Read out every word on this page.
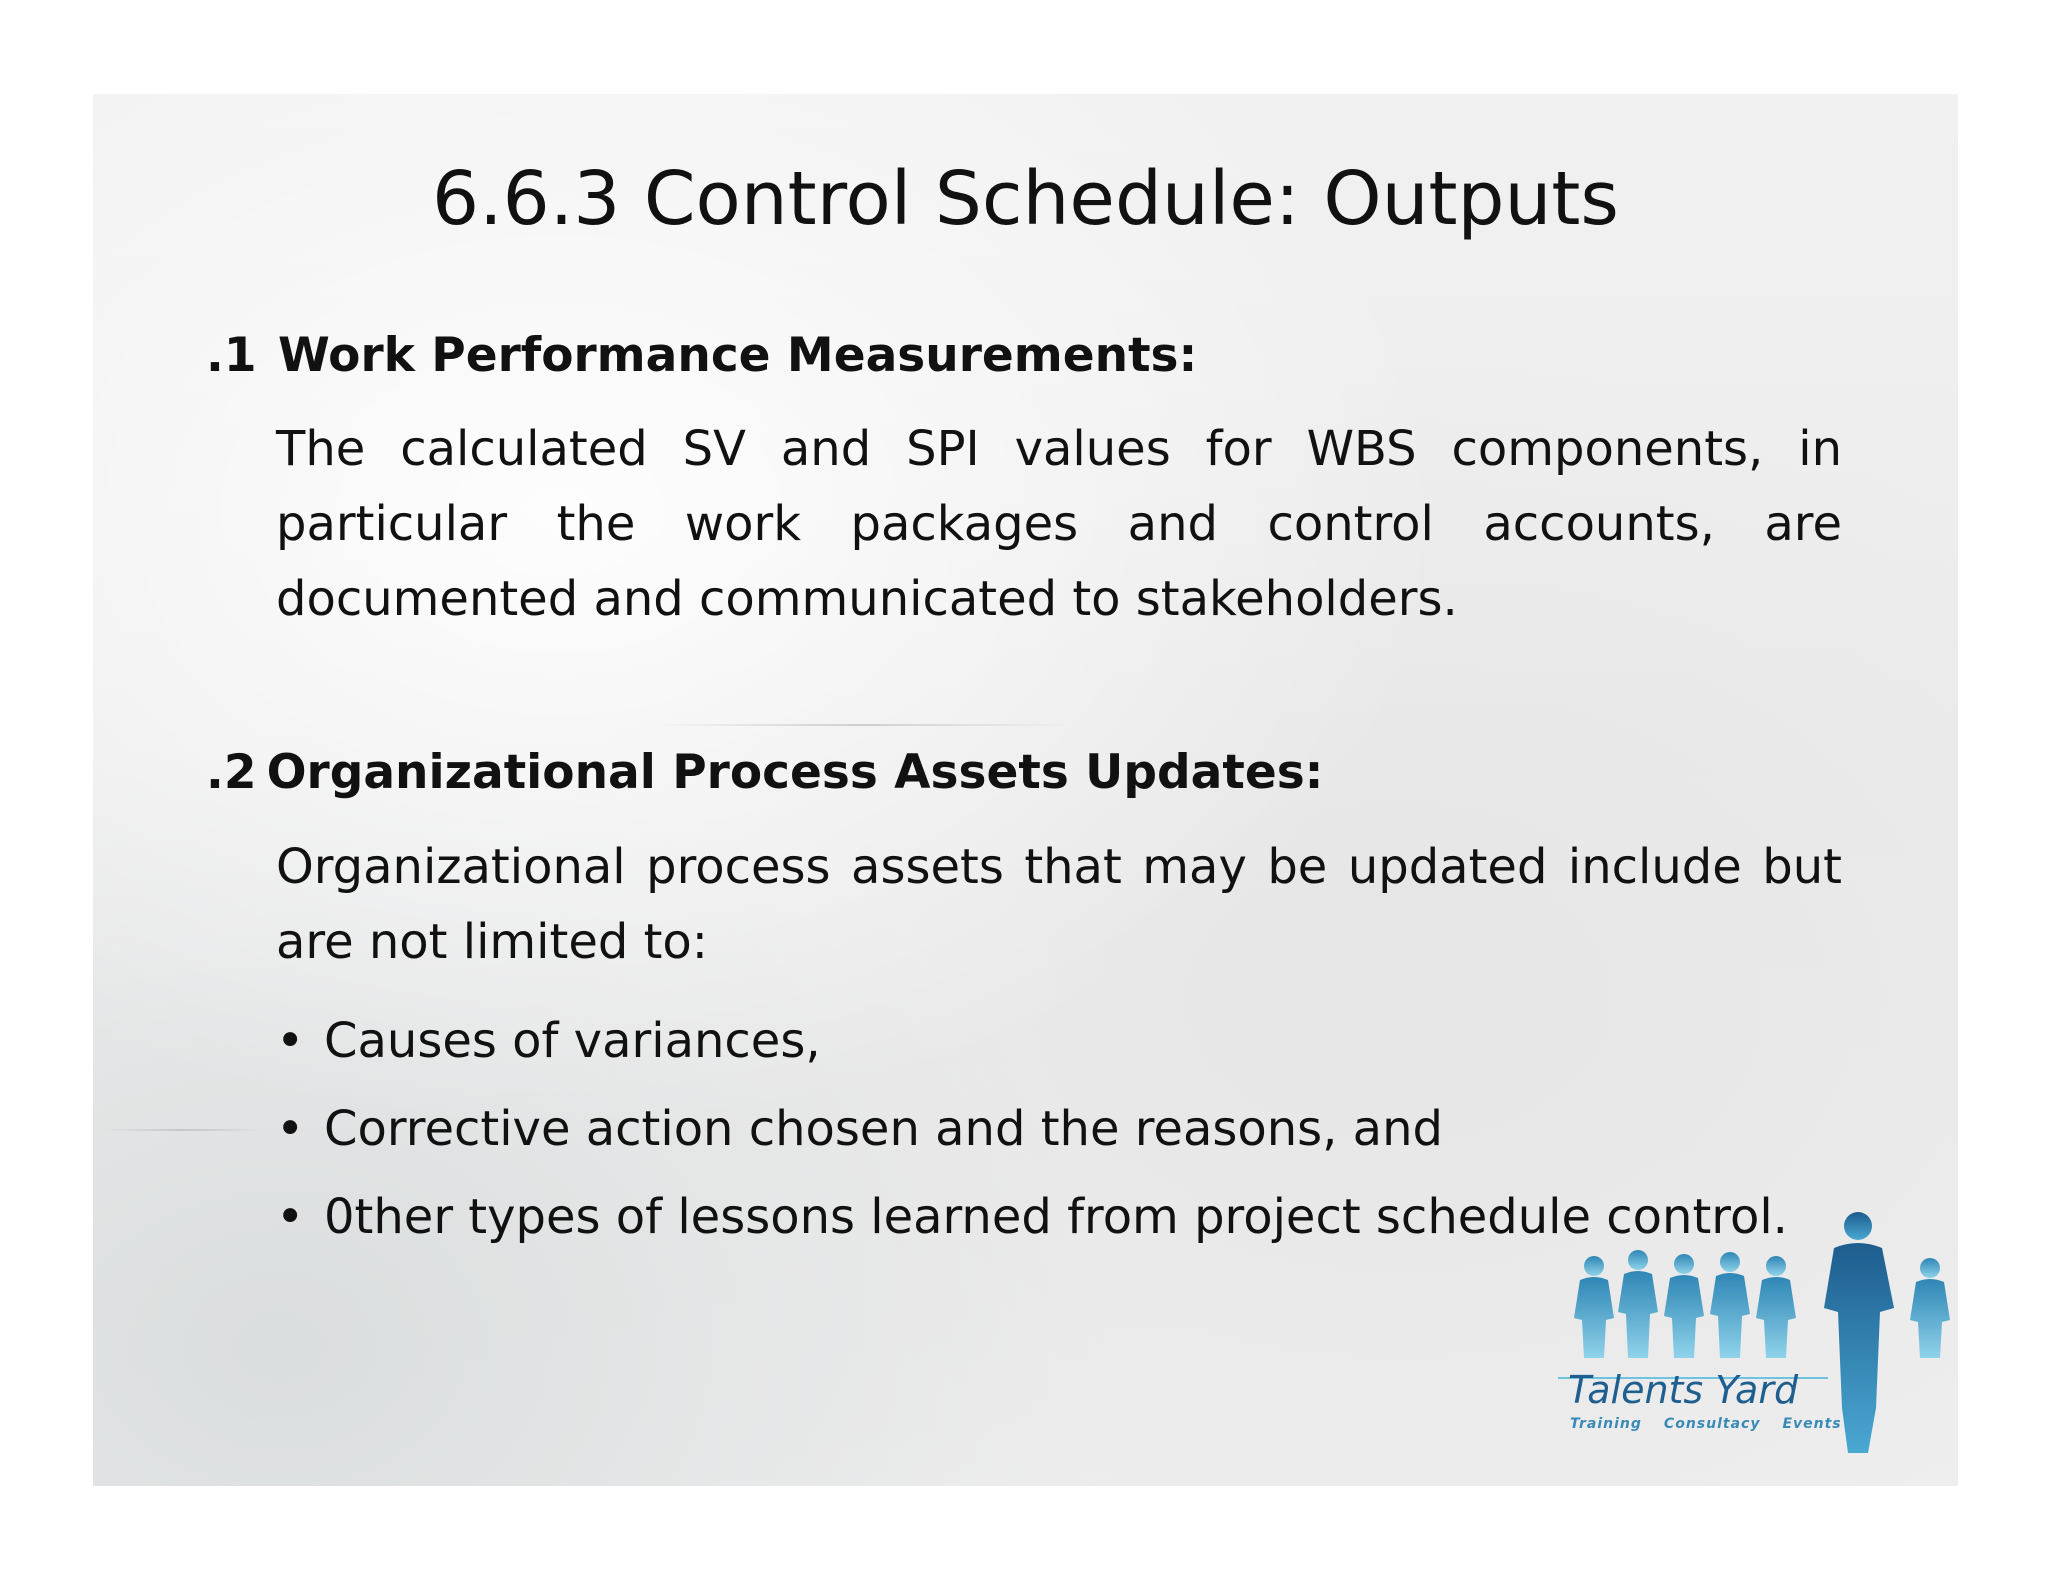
6.6.3 Control Schedule: Outputs
.1 Work Performance Measurements:
The calculated SV and SPI values for WBS components, in particular the work packages and control accounts, are documented and communicated to stakeholders.
.2 Organizational Process Assets Updates:
Organizational process assets that may be updated include but are not limited to:
• Causes of variances,
• Corrective action chosen and the reasons, and
• 0ther types of lessons learned from project schedule control.
Talents Yard
Training Consultacy Events
